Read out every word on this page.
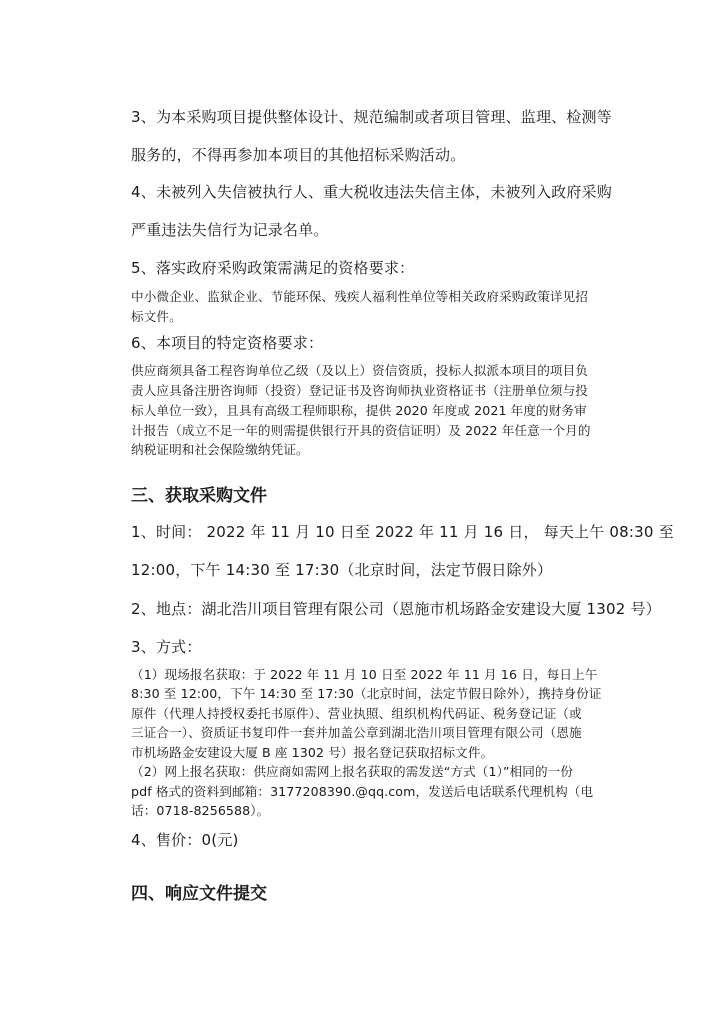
3、为本采购项目提供整体设计、规范编制或者项目管理、监理、检测等

服务的，不得再参加本项目的其他招标采购活动。

4、未被列入失信被执行人、重大税收违法失信主体，未被列入政府采购

严重违法失信行为记录名单。

5、落实政府采购政策需满足的资格要求：

中小微企业、监狱企业、节能环保、残疾人福利性单位等相关政府采购政策详见招

标文件。

6、本项目的特定资格要求：

供应商须具备工程咨询单位乙级（及以上）资信资质，投标人拟派本项目的项目负

责人应具备注册咨询师（投资）登记证书及咨询师执业资格证书（注册单位须与投

标人单位一致），且具有高级工程师职称，提供 2020 年度或 2021 年度的财务审

计报告（成立不足一年的则需提供银行开具的资信证明）及 2022 年任意一个月的

纳税证明和社会保险缴纳凭证。

三、获取采购文件

1、时间： 2022 年 11 月 10 日至 2022 年 11 月 16 日， 每天上午 08:30 至

12:00，下午 14:30 至 17:30（北京时间，法定节假日除外）

2、地点：湖北浩川项目管理有限公司（恩施市机场路金安建设大厦 1302 号）

3、方式：

（1）现场报名获取：于 2022 年 11 月 10 日至 2022 年 11 月 16 日，每日上午

8:30 至 12:00，下午 14:30 至 17:30（北京时间，法定节假日除外），携持身份证

原件（代理人持授权委托书原件）、营业执照、组织机构代码证、税务登记证（或

三证合一）、资质证书复印件一套并加盖公章到湖北浩川项目管理有限公司（恩施

市机场路金安建设大厦 B 座 1302 号）报名登记获取招标文件。

（2）网上报名获取：供应商如需网上报名获取的需发送“方式（1）”相同的一份

pdf 格式的资料到邮箱：3177208390.@qq.com，发送后电话联系代理机构（电

话：0718-8256588）。

4、售价：0(元)

四、响应文件提交
